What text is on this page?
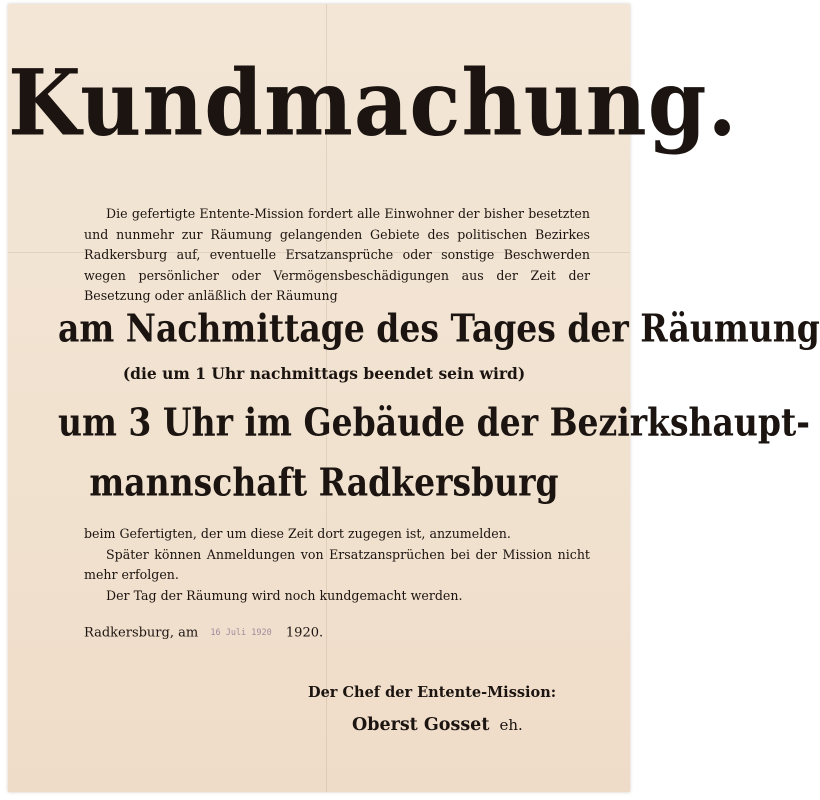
Kundmachung.
Die gefertigte Entente-Mission fordert alle Einwohner der bisher besetzten und nunmehr zur Räumung gelangenden Gebiete des politischen Bezirkes Radkersburg auf, eventuelle Ersatzansprüche oder sonstige Beschwerden wegen persönlicher oder Vermögensbeschädigungen aus der Zeit der Besetzung oder anläßlich der Räumung
am Nachmittage des Tages der Räumung
(die um 1 Uhr nachmittags beendet sein wird)
um 3 Uhr im Gebäude der Bezirkshaupt-
mannschaft Radkersburg
beim Gefertigten, der um diese Zeit dort zugegen ist, anzumelden.
Später können Anmeldungen von Ersatzansprüchen bei der Mission nicht mehr erfolgen.
Der Tag der Räumung wird noch kundgemacht werden.
Radkersburg, am 16 Juli 1920 1920.
Der Chef der Entente-Mission:
Oberst Gosset eh.
